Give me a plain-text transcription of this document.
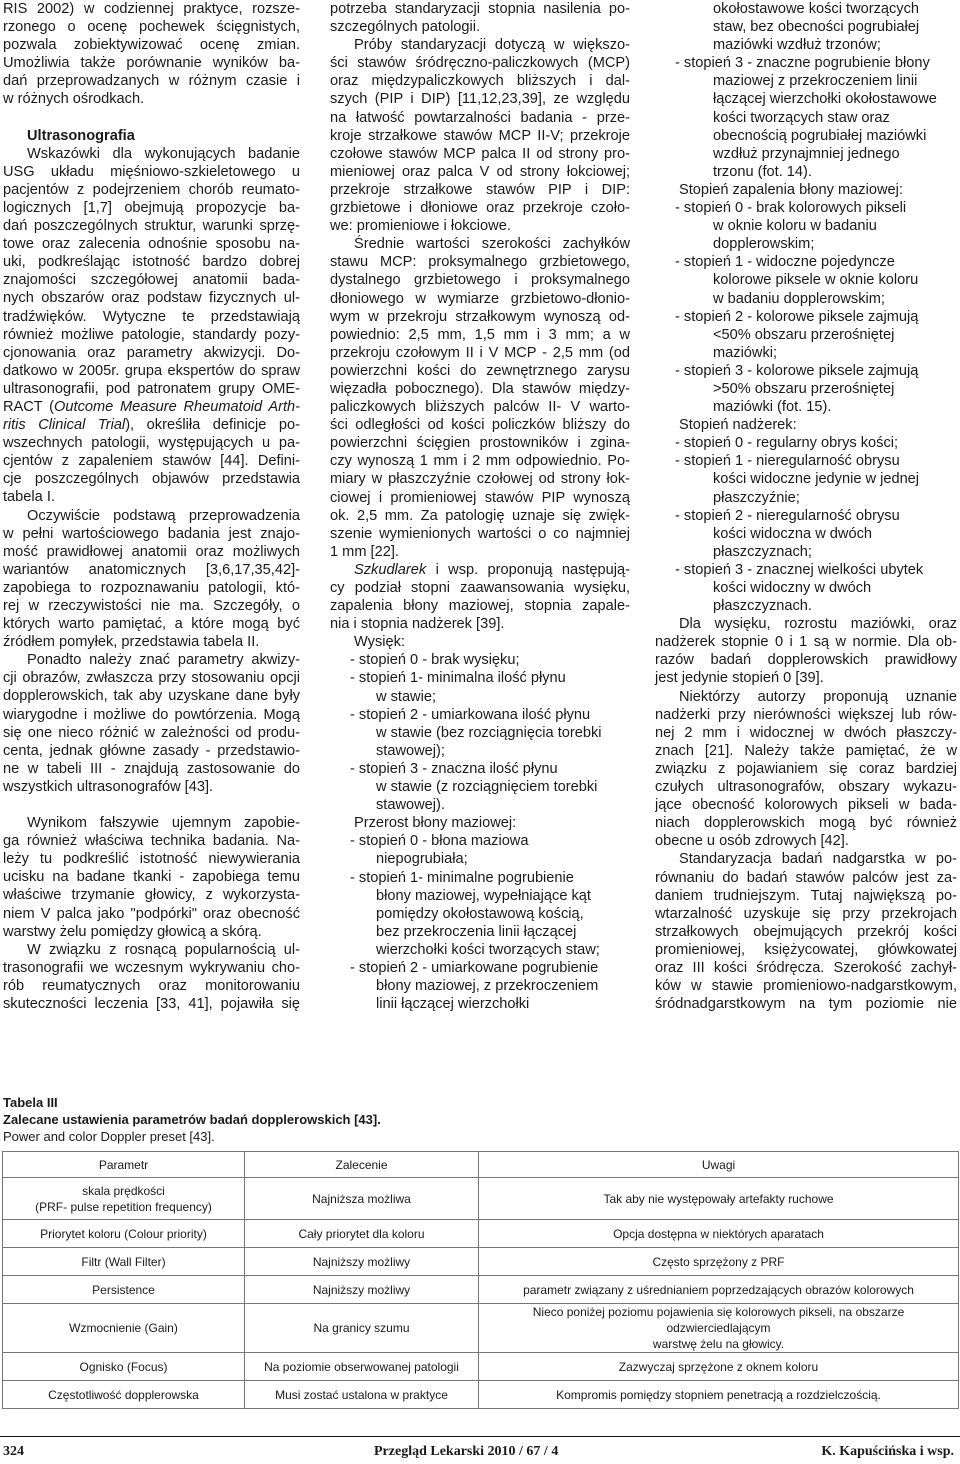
RIS 2002) w codziennej praktyce, rozsze-
rzonego o ocenę pochewek ścięgnistych,
pozwala zobiektywizować ocenę zmian.
Umożliwia także porównanie wyników ba-
dań przeprowadzanych w różnym czasie i
w różnych ośrodkach.
Ultrasonografia
Wskazówki dla wykonujących badanie
USG układu mięśniowo-szkieletowego u
pacjentów z podejrzeniem chorób reumato-
logicznych [1,7] obejmują propozycje ba-
dań poszczególnych struktur, warunki sprzę-
towe oraz zalecenia odnośnie sposobu na-
uki, podkreślając istotność bardzo dobrej
znajomości szczegółowej anatomii bada-
nych obszarów oraz podstaw fizycznych ul-
tradźwięków. Wytyczne te przedstawiają
również możliwe patologie, standardy pozy-
cjonowania oraz parametry akwizycji. Do-
datkowo w 2005r. grupa ekspertów do spraw
ultrasonografii, pod patronatem grupy OME-
RACT (Outcome Measure Rheumatoid Arth-
ritis Clinical Trial), określiła definicje po-
wszechnych patologii, występujących u pa-
cjentów z zapaleniem stawów [44]. Defini-
cje poszczególnych objawów przedstawia
tabela I.
Oczywiście podstawą przeprowadzenia
w pełni wartościowego badania jest znajo-
mość prawidłowej anatomii oraz możliwych
wariantów anatomicznych [3,6,17,35,42]-
zapobiega to rozpoznawaniu patologii, któ-
rej w rzeczywistości nie ma. Szczegóły, o
których warto pamiętać, a które mogą być
źródłem pomyłek, przedstawia tabela II.
Ponadto należy znać parametry akwizy-
cji obrazów, zwłaszcza przy stosowaniu opcji
dopplerowskich, tak aby uzyskane dane były
wiarygodne i możliwe do powtórzenia. Mogą
się one nieco różnić w zależności od produ-
centa, jednak główne zasady - przedstawio-
ne w tabeli III - znajdują zastosowanie do
wszystkich ultrasonografów [43].
Wynikom fałszywie ujemnym zapobie-
ga również właściwa technika badania. Na-
leży tu podkreślić istotność niewywierania
ucisku na badane tkanki - zapobiega temu
właściwe trzymanie głowicy, z wykorzysta-
niem V palca jako "podpórki" oraz obecność
warstwy żelu pomiędzy głowicą a skórą.
W związku z rosnącą popularnością ul-
trasonografii we wczesnym wykrywaniu cho-
rób reumatycznych oraz monitorowaniu
skuteczności leczenia [33, 41], pojawiła się
potrzeba standaryzacji stopnia nasilenia po-
szczególnych patologii.
Próby standaryzacji dotyczą w większo-
ści stawów śródręczno-paliczkowych (MCP)
oraz międzypaliczkowych bliższych i dal-
szych (PIP i DIP) [11,12,23,39], ze względu
na łatwość powtarzalności badania - prze-
kroje strzałkowe stawów MCP II-V; przekroje
czołowe stawów MCP palca II od strony pro-
mieniowej oraz palca V od strony łokciowej;
przekroje strzałkowe stawów PIP i DIP:
grzbietowe i dłoniowe oraz przekroje czoło-
we: promieniowe i łokciowe.
Średnie wartości szerokości zachyłków
stawu MCP: proksymalnego grzbietowego,
dystalnego grzbietowego i proksymalnego
dłoniowego w wymiarze grzbietowo-dłonio-
wym w przekroju strzałkowym wynoszą od-
powiednio: 2,5 mm, 1,5 mm i 3 mm; a w
przekroju czołowym II i V MCP - 2,5 mm (od
powierzchni kości do zewnętrznego zarysu
więzadła pobocznego). Dla stawów między-
paliczkowych bliższych palców II- V warto-
ści odległości od kości policzków bliższy do
powierzchni ścięgien prostowników i zgina-
czy wynoszą 1 mm i 2 mm odpowiednio. Po-
miary w płaszczyźnie czołowej od strony łok-
ciowej i promieniowej stawów PIP wynoszą
ok. 2,5 mm. Za patologię uznaje się zwięk-
szenie wymienionych wartości o co najmniej
1 mm [22].
Szkudlarek i wsp. proponują następują-
cy podział stopni zaawansowania wysięku,
zapalenia błony maziowej, stopnia zapale-
nia i stopnia nadżerek [39].
Wysięk:
- stopień 0 - brak wysięku;
- stopień 1- minimalna ilość płynu
w stawie;
- stopień 2 - umiarkowana ilość płynu
w stawie (bez rozciągnięcia torebki
stawowej);
- stopień 3 - znaczna ilość płynu
w stawie (z rozciągnięciem torebki
stawowej).
Przerost błony maziowej:
- stopień 0 - błona maziowa
niepogrubiała;
- stopień 1- minimalne pogrubienie
błony maziowej, wypełniające kąt
pomiędzy okołostawową kością,
bez przekroczenia linii łączącej
wierzchołki kości tworzących staw;
- stopień 2 - umiarkowane pogrubienie
błony maziowej, z przekroczeniem
linii łączącej wierzchołki
okołostawowe kości tworzących
staw, bez obecności pogrubiałej
maziówki wzdłuż trzonów;
- stopień 3 - znaczne pogrubienie błony
maziowej z przekroczeniem linii
łączącej wierzchołki okołostawowe
kości tworzących staw oraz
obecnością pogrubiałej maziówki
wzdłuż przynajmniej jednego
trzonu (fot. 14).
Stopień zapalenia błony maziowej:
- stopień 0 - brak kolorowych pikseli
w oknie koloru w badaniu
dopplerowskim;
- stopień 1 - widoczne pojedyncze
kolorowe piksele w oknie koloru
w badaniu dopplerowskim;
- stopień 2 - kolorowe piksele zajmują
<50% obszaru przerośniętej
maziówki;
- stopień 3 - kolorowe piksele zajmują
>50% obszaru przerośniętej
maziówki (fot. 15).
Stopień nadżerek:
- stopień 0 - regularny obrys kości;
- stopień 1 - nieregularność obrysu
kości widoczne jedynie w jednej
płaszczyźnie;
- stopień 2 - nieregularność obrysu
kości widoczna w dwóch
płaszczyznach;
- stopień 3 - znacznej wielkości ubytek
kości widoczny w dwóch
płaszczyznach.
Dla wysięku, rozrostu maziówki, oraz
nadżerek stopnie 0 i 1 są w normie. Dla ob-
razów badań dopplerowskich prawidłowy
jest jedynie stopień 0 [39].
Niektórzy autorzy proponują uznanie
nadżerki przy nierówności większej lub rów-
nej 2 mm i widocznej w dwóch płaszczy-
znach [21]. Należy także pamiętać, że w
związku z pojawianiem się coraz bardziej
czułych ultrasonografów, obszary wykazu-
jące obecność kolorowych pikseli w bada-
niach dopplerowskich mogą być również
obecne u osób zdrowych [42].
Standaryzacja badań nadgarstka w po-
równaniu do badań stawów palców jest za-
daniem trudniejszym. Tutaj największą po-
wtarzalność uzyskuje się przy przekrojach
strzałkowych obejmujących przekrój kości
promieniowej, księżycowatej, główkowatej
oraz III kości śródręcza. Szerokość zachył-
ków w stawie promieniowo-nadgarstkowym,
śródnadgarstkowym na tym poziomie nie
Tabela III
Zalecane ustawienia parametrów badań dopplerowskich [43].
Power and color Doppler preset [43].
Parametr	Zalecenie	Uwagi
skala prędkości
(PRF- pulse repetition frequency)	Najniższa możliwa	Tak aby nie występowały artefakty ruchowe
Priorytet koloru (Colour priority)	Cały priorytet dla koloru	Opcja dostępna w niektórych aparatach
Filtr (Wall Filter)	Najniższy możliwy	Często sprzężony z PRF
Persistence	Najniższy możliwy	parametr związany z uśrednianiem poprzedzających obrazów kolorowych
Wzmocnienie (Gain)	Na granicy szumu	Nieco poniżej poziomu pojawienia się kolorowych pikseli, na obszarze odzwierciedlającym
warstwę żelu na głowicy.
Ognisko (Focus)	Na poziomie obserwowanej patologii	Zazwyczaj sprzężone z oknem koloru
Częstotliwość dopplerowska	Musi zostać ustalona w praktyce	Kompromis pomiędzy stopniem penetracją a rozdzielczością.
324	Przegląd Lekarski 2010 / 67 / 4	K. Kapuścińska i wsp.
